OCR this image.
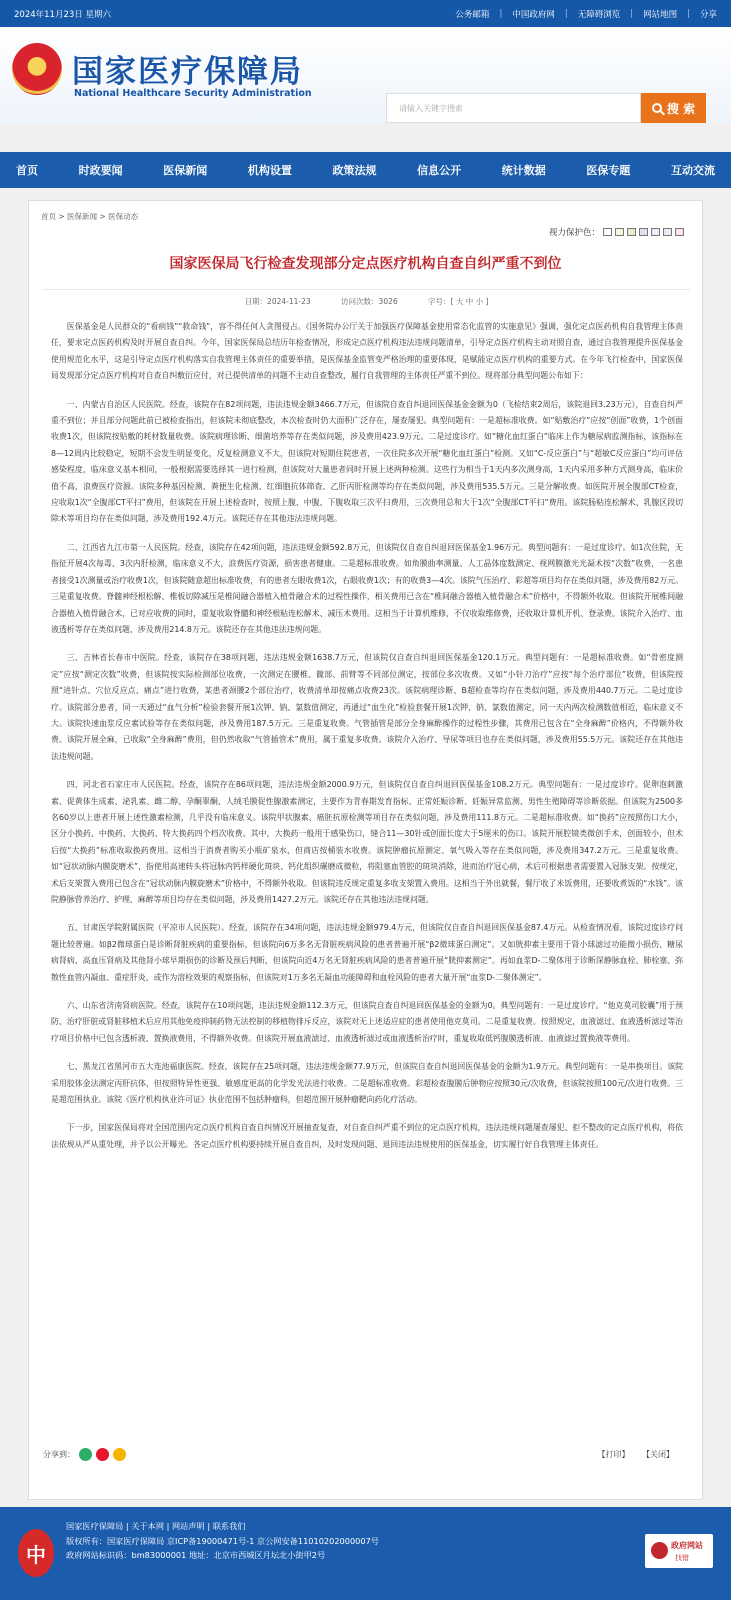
2024年11月23日 星期六	公务邮箱 | 中国政府网 | 无障碍浏览 | 网站地图 | 分享
国家医疗保障局
National Healthcare Security Administration
请输入关键字搜索	搜 索
首页	时政要闻	医保新闻	机构设置	政策法规	信息公开	统计数据	医保专题	互动交流
首页 > 医保新闻 > 医保动态
视力保护色：
国家医保局飞行检查发现部分定点医疗机构自查自纠严重不到位
日期：2024-11-23	访问次数：3026	字号：[ 大 中 小 ]

医保基金是人民群众的“看病钱”“救命钱”，容不得任何人贪图侵占。《国务院办公厅关于加强医疗保障基金使用常态化监管的实施意见》强调，强化定点医药机构自我管理主体责任，要求定点医药机构及时开展自查自纠。今年，国家医保局总结历年检查情况，形成定点医疗机构违法违规问题清单，引导定点医疗机构主动对照自查，通过自我管理提升医保基金使用规范化水平，这是引导定点医疗机构落实自我管理主体责任的重要举措，是医保基金监管变严格治理的重要体现，是赋能定点医疗机构的重要方式。在今年飞行检查中，国家医保局发现部分定点医疗机构对自查自纠敷衍应付，对已提供清单的问题不主动自查整改，履行自我管理的主体责任严重不到位。现将部分典型问题公布如下：

一、内蒙古自治区人民医院。经查，该院存在82项问题，违法违规金额3466.7万元，但该院自查自纠退回医保基金金额为0（飞检结束2周后，该院退回3.23万元），自查自纠严重不到位；并且部分问题此前已被检查指出，但该院未彻底整改，本次检查时仍大面积广泛存在，屡查屡犯。典型问题有：一是超标准收费。如“贴敷治疗”应按“创面”收费，1个创面收费1次，但该院按贴敷的耗材数量收费。该院病理诊断、细菌培养等存在类似问题，涉及费用423.9万元。二是过度诊疗。如“糖化血红蛋白”临床上作为糖尿病监测指标，该指标在8—12周内比较稳定，短期不会发生明显变化，反复检测意义不大，但该院对短期住院患者，一次住院多次开展“糖化血红蛋白”检测。又如“C-反应蛋白”与“超敏C反应蛋白”均可评估感染程度，临床意义基本相同，一般根据需要选择其一进行检测，但该院对大量患者同时开展上述两种检测。这些行为相当于1天内多次测身高，1天内采用多种方式测身高，临床价值不高，浪费医疗资源。该院多种基因检测、粪便生化检测、红细胞抗体筛查、乙肝丙肝检测等均存在类似问题，涉及费用535.5万元。三是分解收费。如医院开展全腹部CT检查，应收取1次“全腹部CT平扫”费用，但该院在开展上述检查时，按照上腹、中腹、下腹收取三次平扫费用，三次费用总和大于1次“全腹部CT平扫”费用。该院肠粘连松解术、乳腺区段切除术等项目均存在类似问题，涉及费用192.4万元。该院还存在其他违法违规问题。

二、江西省九江市第一人民医院。经查，该院存在42项问题，违法违规金额592.8万元，但该院仅自查自纠退回医保基金1.96万元。典型问题有：一是过度诊疗。如1次住院，无指征开展4次每毒、3次内肝检测，临床意义不大，浪费医疗资源，损害患者健康。二是超标准收费。如角膜曲率测量、人工晶体度数测定、视网膜激光光凝术按“次数”收费，一名患者接受1次测量或治疗收费1次，但该院随意超出标准收费，有的患者左眼收费1次，右眼收费1次；有的收费3—4次。该院气压治疗、彩超等项目均存在类似问题，涉及费用82万元。三是重复收费。脊髓神经根松解、椎板切除减压是椎间融合器植入植骨融合术的过程性操作，相关费用已含在“椎间融合器植入植骨融合术”价格中，不得额外收取。但该院开展椎间融合器植入植骨融合术，已对应收费的同时，重复收取脊髓和神经根粘连松解术、减压术费用。这相当于计算机维修，不仅收取维修费，还收取计算机开机、登录费。该院介入治疗、血液透析等存在类似问题，涉及费用214.8万元。该院还存在其他违法违规问题。

三、吉林省长春市中医院。经查，该院存在38项问题，违法违规金额1638.7万元，但该院仅自查自纠退回医保基金120.1万元。典型问题有：一是超标准收费。如“骨密度测定”应按“测定次数”收费，但该院按实际检测部位收费，一次测定在腰椎、髋部、前臂等不同部位测定，按部位多次收费。又如“小针刀治疗”应按“每个治疗部位”收费，但该院按照“进针点、穴位反应点、痛点”进行收费，某患者颈腰2个部位治疗，收费清单却按痛点收费23次。该院病理诊断、B超检查等均存在类似问题，涉及费用440.7万元。二是过度诊疗。该院部分患者，同一天通过“血气分析”检验套餐开展1次钾、钠、氯数值测定，再通过“血生化”检验套餐开展1次钾、钠、氯数值测定，同一天内两次检测数值相近，临床意义不大。该院快速血浆反应素试验等存在类似问题，涉及费用187.5万元。三是重复收费。气管插管是部分全身麻醉操作的过程性步骤，其费用已包含在“全身麻醉”价格内，不得额外收费。该院开展全麻，已收取“全身麻醉”费用，但仍然收取“气管插管术”费用，属于重复多收费。该院介入治疗、导尿等项目也存在类似问题，涉及费用55.5万元。该院还存在其他违法违规问题。

四、河北省石家庄市人民医院。经查，该院存在86项问题，违法违规金额2000.9万元，但该院仅自查自纠退回医保基金108.2万元。典型问题有：一是过度诊疗。促卵泡刺激素、促黄体生成素、泌乳素、雌二醇、孕酮睾酮、人绒毛膜促性腺激素测定，主要作为青春期发育指标、正常妊娠诊断、妊娠异常监测、男性生殖障碍等诊断依据。但该院为2500多名60岁以上患者开展上述性激素检测，几乎没有临床意义。该院甲状腺素、癌胚抗原检测等项目存在类似问题，涉及费用111.8万元。二是超标准收费。如“换药”应按照伤口大小，区分小换药、中换药、大换药、特大换药四个档次收费。其中，大换药一般用于感染伤口，缝合11—30针或创面长度大于5厘米的伤口。该院开展腔镜类微创手术，创面较小，但术后按“大换药”标准收取换药费用。这相当于消费者购买小瓶矿泉水，但商店按桶装水收费。该院肿瘤抗原测定、氧气吸入等存在类似问题，涉及费用347.2万元。三是重复收费。如“冠状动脉内膜旋磨术”，指使用高速转头将冠脉内钙样硬化斑块、钙化组织碾磨成微粒，将阻塞血管腔的斑块消除，进而治疗冠心病，术后可根据患者需要置入冠脉支架。按规定，术后支架置入费用已包含在“冠状动脉内膜旋磨术”价格中，不得额外收取。但该院违反规定重复多收支架置入费用。这相当于外出就餐，餐厅收了米饭费用，还要收煮饭的“水钱”。该院静脉营养治疗、护理、麻醉等项目均存在类似问题，涉及费用1427.2万元。该院还存在其他违法违规问题。

五、甘肃医学院附属医院（平凉市人民医院）。经查，该院存在34项问题，违法违规金额979.4万元，但该院仅自查自纠退回医保基金87.4万元。从检查情况看，该院过度诊疗问题比较普遍。如β2微球蛋白是诊断肾脏疾病的重要指标，但该院向6万多名无肾脏疾病风险的患者普遍开展“β2微球蛋白测定”。又如胱抑素主要用于肾小球滤过功能微小损伤、糖尿病肾病、高血压肾病及其他肾小球早期损伤的诊断及预后判断，但该院向近4万名无肾脏疾病风险的患者普遍开展“胱抑素测定”。再如血浆D-二聚体用于诊断深静脉血栓、肺栓塞、弥散性血管内凝血、重症肝炎，或作为溶栓效果的观察指标，但该院对1万多名无凝血功能障碍和血栓风险的患者大量开展“血浆D-二聚体测定”。

六、山东省济南肾病医院。经查，该院存在10项问题，违法违规金额112.3万元，但该院自查自纠退回医保基金的金额为0。典型问题有：一是过度诊疗。“他克莫司胶囊”用于预防、治疗肝脏或肾脏移植术后应用其他免疫抑制药物无法控制的移植物排斥反应，该院对无上述适应症的患者使用他克莫司。二是重复收费。按照规定，血液滤过、血液透析滤过等治疗项目价格中已包含透析液、置换液费用，不得额外收费。但该院开展血液滤过、血液透析滤过或血液透析治疗时，重复收取低钙腹膜透析液、血液滤过置换液等费用。

七、黑龙江省黑河市五大连池福康医院。经查，该院存在25项问题，违法违规金额77.9万元，但该院自查自纠退回医保基金的金额为1.9万元。典型问题有：一是串换项目。该院采用胶体金法测定丙肝抗体，但按照特异性更强、敏感度更高的化学发光法进行收费。二是超标准收费。彩超检查腹膜后肿物应按照30元/次收费，但该院按照100元/次进行收费。三是超范围执业。该院《医疗机构执业许可证》执业范围不包括肿瘤科，但超范围开展肿瘤靶向药化疗活动。

下一步，国家医保局将对全国范围内定点医疗机构自查自纠情况开展抽查复查，对自查自纠严重不到位的定点医疗机构，违法违规问题屡查屡犯、拒不整改的定点医疗机构，将依法依规从严从重处理，并予以公开曝光。各定点医疗机构要持续开展自查自纠，及时发现问题、退回违法违规使用的医保基金，切实履行好自我管理主体责任。

分享到：	【打印】 【关闭】
中
国家医疗保障局 | 关于本网 | 网站声明 | 联系我们
版权所有：国家医疗保障局 京ICP备19000471号-1 京公网安备11010202000007号
政府网站标识码：bm83000001 地址：北京市西城区月坛北小街甲2号
政府网站
找错
